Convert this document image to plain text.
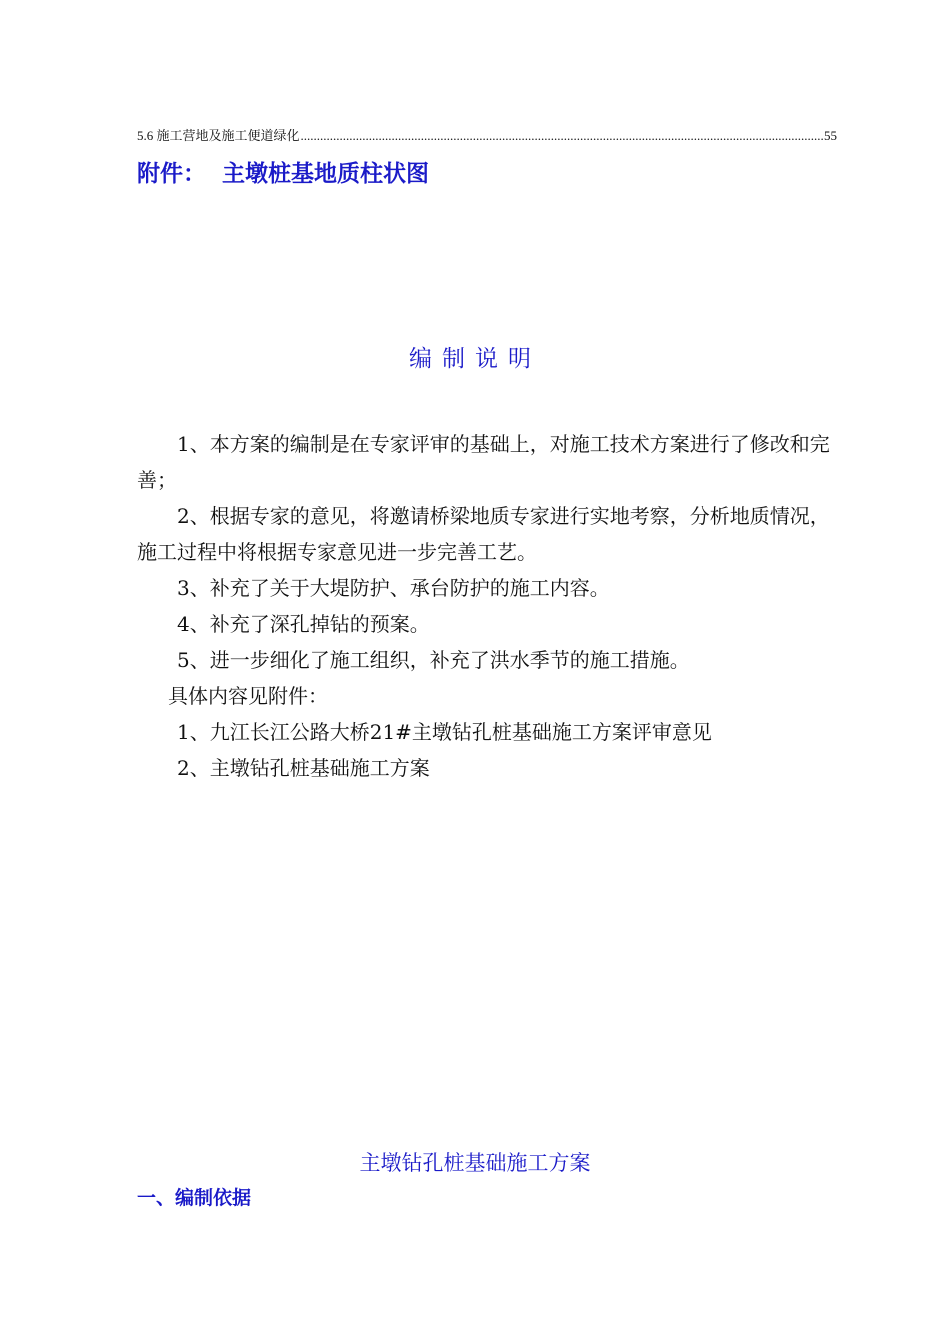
5.6 施工营地及施工便道绿化
.....	55
附件： 主墩桩基地质柱状图
编制说明
1、本方案的编制是在专家评审的基础上，对施工技术方案进行了修改和完善；
2、根据专家的意见，将邀请桥梁地质专家进行实地考察，分析地质情况，施工过程中将根据专家意见进一步完善工艺。
3、补充了关于大堤防护、承台防护的施工内容。
4、补充了深孔掉钻的预案。
5、进一步细化了施工组织，补充了洪水季节的施工措施。
具体内容见附件：
1、九江长江公路大桥21#主墩钻孔桩基础施工方案评审意见
2、主墩钻孔桩基础施工方案
主墩钻孔桩基础施工方案
一、编制依据
